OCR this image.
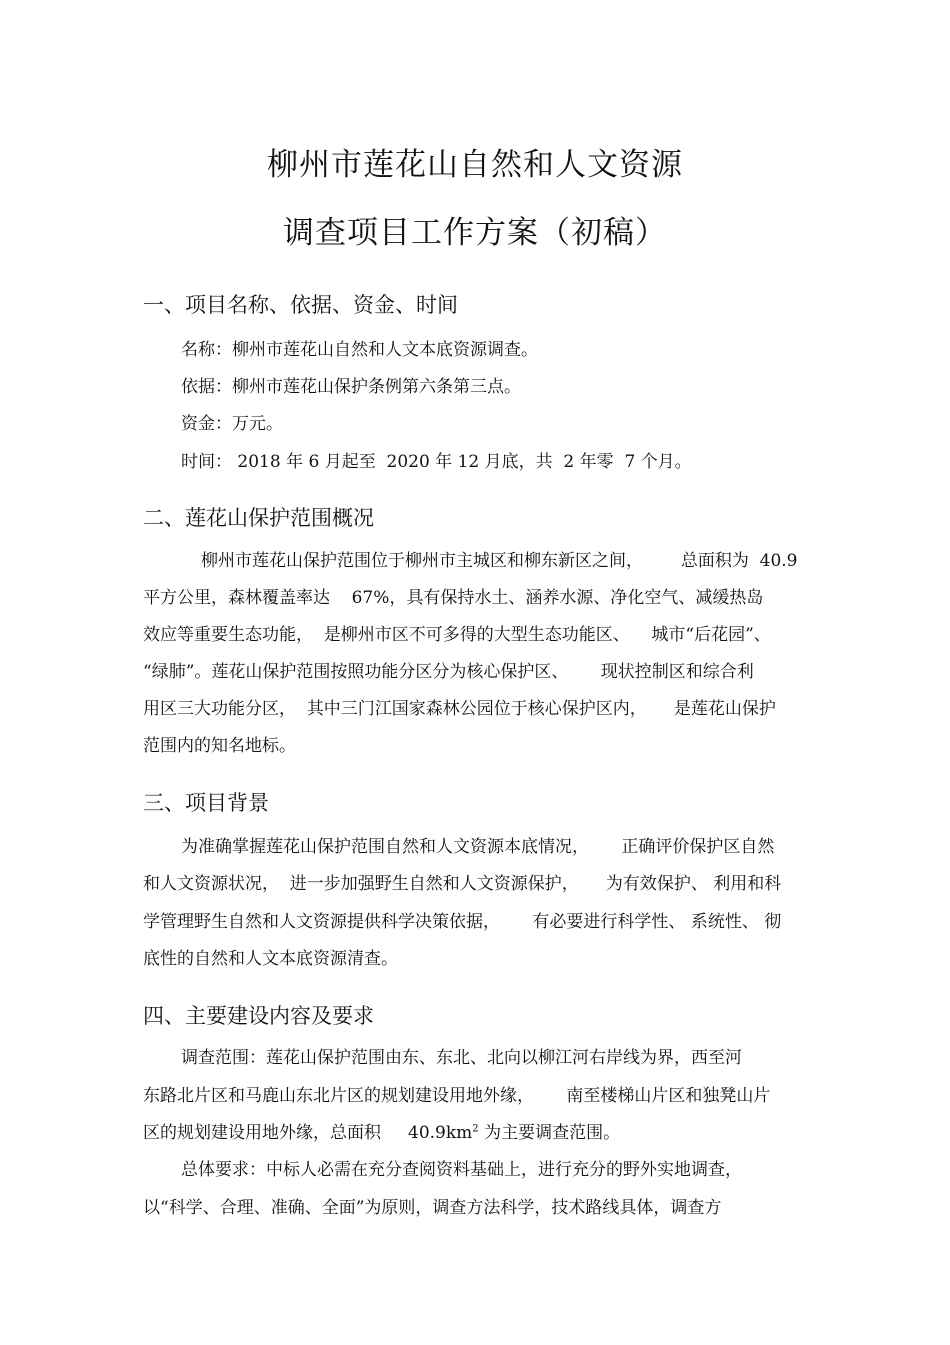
柳州市莲花山自然和人文资源
调查项目工作方案（初稿）
一、项目名称、依据、资金、时间
名称：柳州市莲花山自然和人文本底资源调查。
依据：柳州市莲花山保护条例第六条第三点。
资金：万元。
时间： 2018 年 6 月起至  2020 年 12 月底，共  2 年零  7 个月。
二、莲花山保护范围概况
柳州市莲花山保护范围位于柳州市主城区和柳东新区之间，       总面积为  40.9
平方公里，森林覆盖率达    67%，具有保持水土、涵养水源、净化空气、减缓热岛
效应等重要生态功能，  是柳州市区不可多得的大型生态功能区、    城市“后花园”、
“绿肺”。莲花山保护范围按照功能分区分为核心保护区、      现状控制区和综合利
用区三大功能分区，  其中三门江国家森林公园位于核心保护区内，     是莲花山保护
范围内的知名地标。
三、项目背景
为准确掌握莲花山保护范围自然和人文资源本底情况，      正确评价保护区自然
和人文资源状况，  进一步加强野生自然和人文资源保护，     为有效保护、 利用和科
学管理野生自然和人文资源提供科学决策依据，      有必要进行科学性、 系统性、 彻
底性的自然和人文本底资源清查。
四、主要建设内容及要求
调查范围：莲花山保护范围由东、东北、北向以柳江河右岸线为界，西至河
东路北片区和马鹿山东北片区的规划建设用地外缘，      南至楼梯山片区和独凳山片
区的规划建设用地外缘，总面积     $40.9km^2$ 为主要调查范围。
总体要求：中标人必需在充分查阅资料基础上，进行充分的野外实地调查，
以“科学、合理、准确、全面”为原则，调查方法科学，技术路线具体，调查方
